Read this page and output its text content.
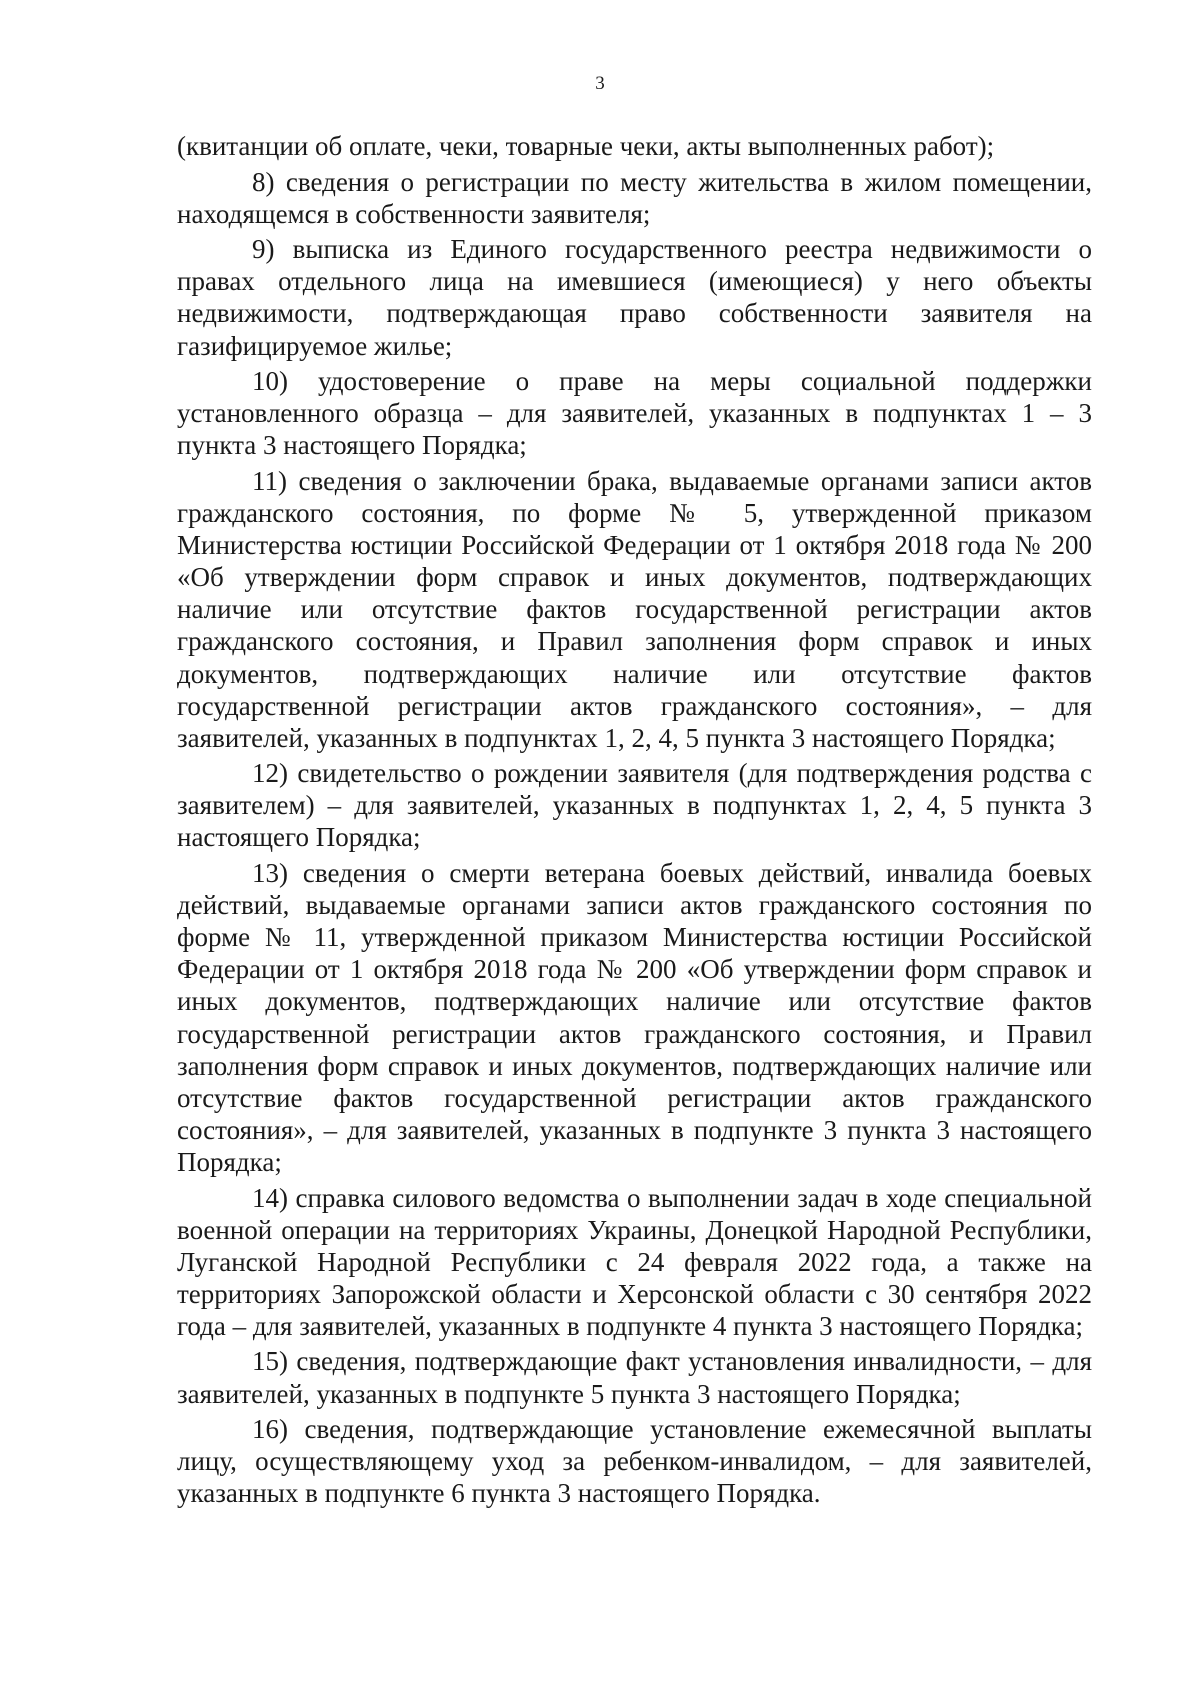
3

(квитанции об оплате, чеки, товарные чеки, акты выполненных работ);

8) сведения о регистрации по месту жительства в жилом помещении, находящемся в собственности заявителя;

9) выписка из Единого государственного реестра недвижимости о правах отдельного лица на имевшиеся (имеющиеся) у него объекты недвижимости, подтверждающая право собственности заявителя на газифицируемое жилье;

10) удостоверение о праве на меры социальной поддержки установленного образца – для заявителей, указанных в подпунктах 1 – 3 пункта 3 настоящего Порядка;

11) сведения о заключении брака, выдаваемые органами записи актов гражданского состояния, по форме № 5, утвержденной приказом Министерства юстиции Российской Федерации от 1 октября 2018 года № 200 «Об утверждении форм справок и иных документов, подтверждающих наличие или отсутствие фактов государственной регистрации актов гражданского состояния, и Правил заполнения форм справок и иных документов, подтверждающих наличие или отсутствие фактов государственной регистрации актов гражданского состояния», – для заявителей, указанных в подпунктах 1, 2, 4, 5 пункта 3 настоящего Порядка;

12) свидетельство о рождении заявителя (для подтверждения родства с заявителем) – для заявителей, указанных в подпунктах 1, 2, 4, 5 пункта 3 настоящего Порядка;

13) сведения о смерти ветерана боевых действий, инвалида боевых действий, выдаваемые органами записи актов гражданского состояния по форме № 11, утвержденной приказом Министерства юстиции Российской Федерации от 1 октября 2018 года № 200 «Об утверждении форм справок и иных документов, подтверждающих наличие или отсутствие фактов государственной регистрации актов гражданского состояния, и Правил заполнения форм справок и иных документов, подтверждающих наличие или отсутствие фактов государственной регистрации актов гражданского состояния», – для заявителей, указанных в подпункте 3 пункта 3 настоящего Порядка;

14) справка силового ведомства о выполнении задач в ходе специальной военной операции на территориях Украины, Донецкой Народной Республики, Луганской Народной Республики с 24 февраля 2022 года, а также на территориях Запорожской области и Херсонской области с 30 сентября 2022 года – для заявителей, указанных в подпункте 4 пункта 3 настоящего Порядка;

15) сведения, подтверждающие факт установления инвалидности, – для заявителей, указанных в подпункте 5 пункта 3 настоящего Порядка;

16) сведения, подтверждающие установление ежемесячной выплаты лицу, осуществляющему уход за ребенком-инвалидом, – для заявителей, указанных в подпункте 6 пункта 3 настоящего Порядка.
